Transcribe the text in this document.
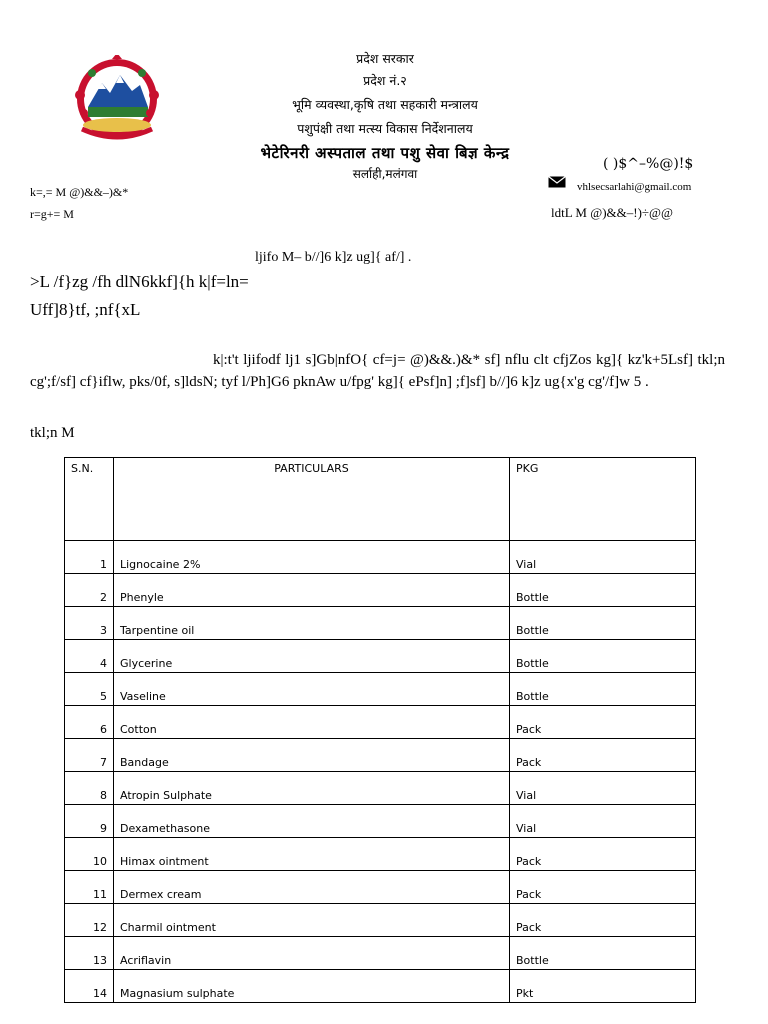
प्रदेश सरकार
प्रदेश नं.२
भूमि व्यवस्था,कृषि तथा सहकारी मन्त्रालय
पशुपंक्षी तथा मत्स्य विकास निर्देशनालय
भेटेरिनरी अस्पताल तथा पशु सेवा बिज्ञ केन्द्र
सर्लाही,मलंगवा
( )$^–%@)!$
vhlsecsarlahi@gmail.com
k=,= M @)&&–)&*
r=g+= M	ldtL M @)&&–!)÷@@
ljifo M– b//]6 k]z ug]{ af/] .
>L /f}zg /fh dlN6kkf]{h k|f=ln=
Uff]8}tf, ;nf{xL
k|:t't ljifodf lj1 s]Gb|nfO{ cf=j= @)&&.)&* sf] nflu clt cfjZos kg]{ kz'k+5Lsf] tkl;n cg';f/sf] cf}iflw, pks/0f, s]ldsN; tyf l/Ph]G6 pknAw u/fpg' kg]{ ePsf]n] ;f]sf] b//]6 k]z ug{x'g cg'/f]w 5 .
tkl;n M
S.N.	PARTICULARS	PKG
1	Lignocaine 2%	Vial
2	Phenyle	Bottle
3	Tarpentine oil	Bottle
4	Glycerine	Bottle
5	Vaseline	Bottle
6	Cotton	Pack
7	Bandage	Pack
8	Atropin Sulphate	Vial
9	Dexamethasone	Vial
10	Himax ointment	Pack
11	Dermex cream	Pack
12	Charmil ointment	Pack
13	Acriflavin	Bottle
14	Magnasium sulphate	Pkt
